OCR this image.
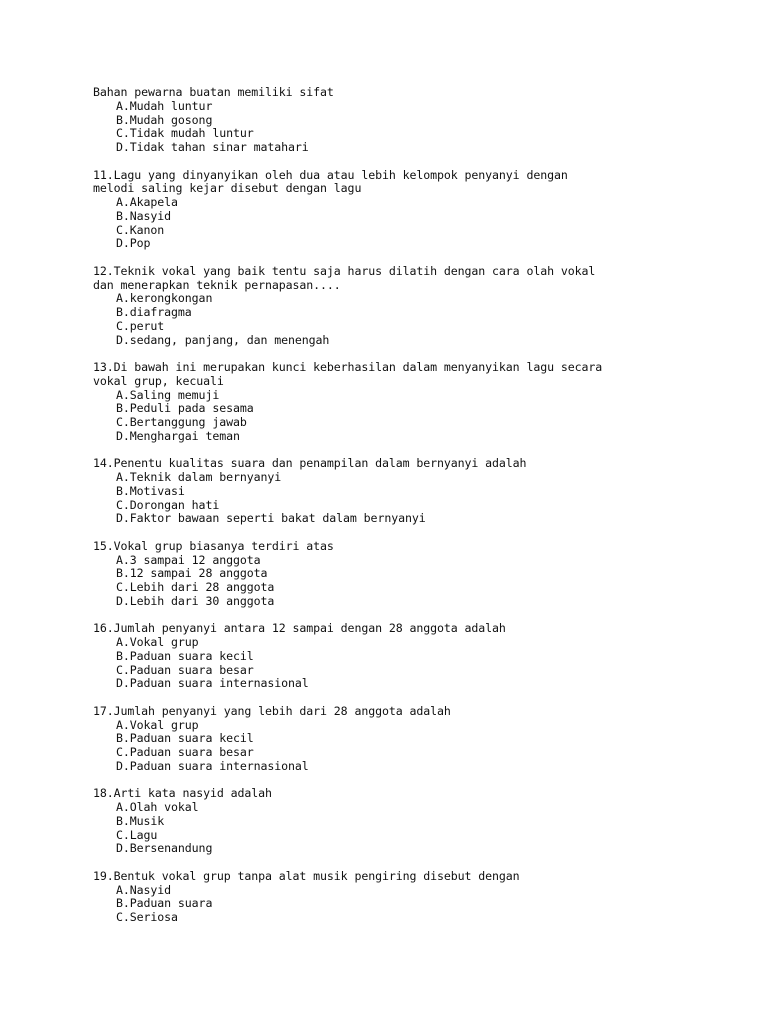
Bahan pewarna buatan memiliki sifat
A.Mudah luntur
B.Mudah gosong
C.Tidak mudah luntur
D.Tidak tahan sinar matahari
11.Lagu yang dinyanyikan oleh dua atau lebih kelompok penyanyi dengan
melodi saling kejar disebut dengan lagu
A.Akapela
B.Nasyid
C.Kanon
D.Pop
12.Teknik vokal yang baik tentu saja harus dilatih dengan cara olah vokal
dan menerapkan teknik pernapasan....
A.kerongkongan
B.diafragma
C.perut
D.sedang, panjang, dan menengah
13.Di bawah ini merupakan kunci keberhasilan dalam menyanyikan lagu secara
vokal grup, kecuali
A.Saling memuji
B.Peduli pada sesama
C.Bertanggung jawab
D.Menghargai teman
14.Penentu kualitas suara dan penampilan dalam bernyanyi adalah
A.Teknik dalam bernyanyi
B.Motivasi
C.Dorongan hati
D.Faktor bawaan seperti bakat dalam bernyanyi
15.Vokal grup biasanya terdiri atas
A.3 sampai 12 anggota
B.12 sampai 28 anggota
C.Lebih dari 28 anggota
D.Lebih dari 30 anggota
16.Jumlah penyanyi antara 12 sampai dengan 28 anggota adalah
A.Vokal grup
B.Paduan suara kecil
C.Paduan suara besar
D.Paduan suara internasional
17.Jumlah penyanyi yang lebih dari 28 anggota adalah
A.Vokal grup
B.Paduan suara kecil
C.Paduan suara besar
D.Paduan suara internasional
18.Arti kata nasyid adalah
A.Olah vokal
B.Musik
C.Lagu
D.Bersenandung
19.Bentuk vokal grup tanpa alat musik pengiring disebut dengan
A.Nasyid
B.Paduan suara
C.Seriosa
